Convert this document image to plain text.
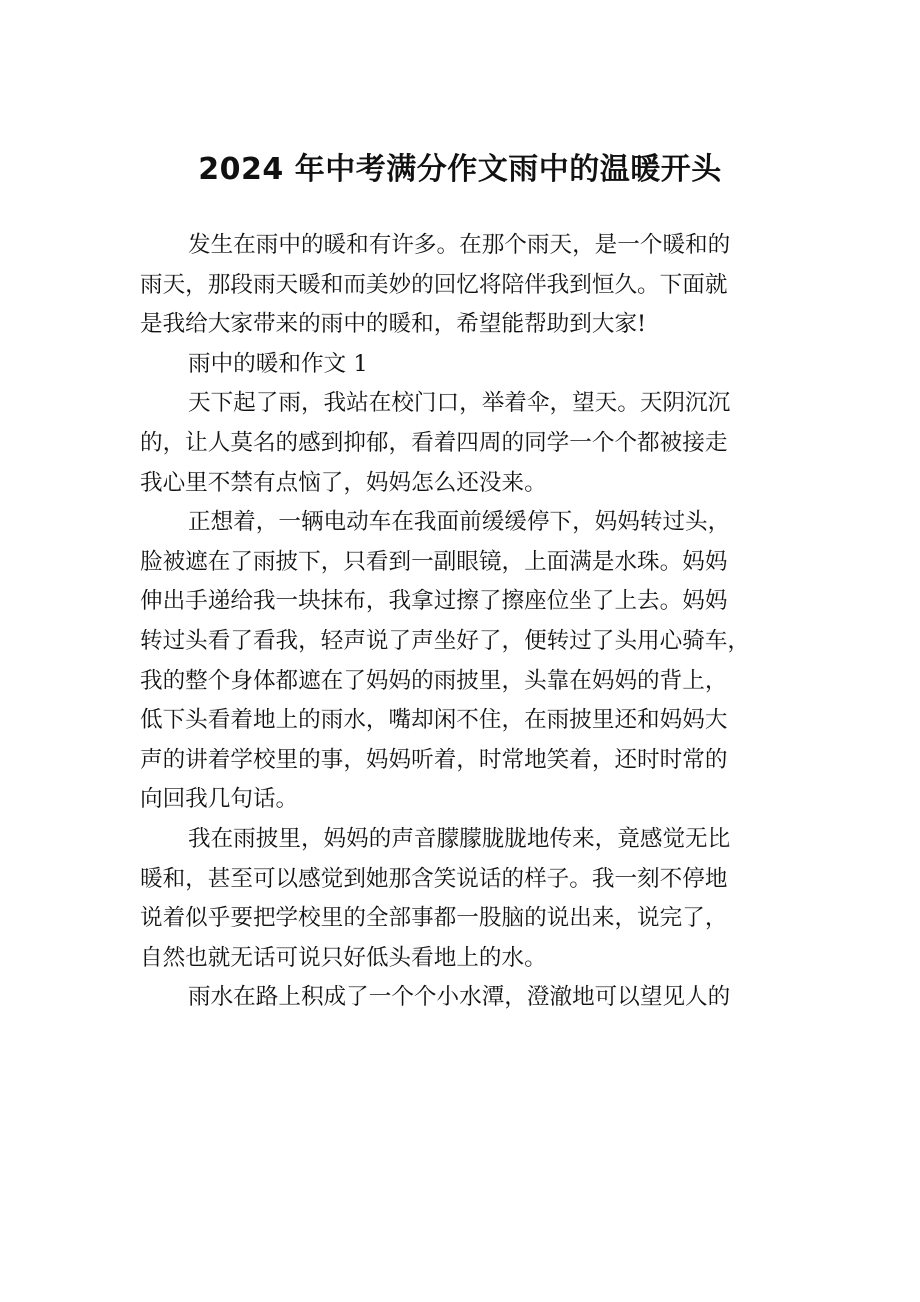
2024 年中考满分作文雨中的温暖开头
发生在雨中的暖和有许多。在那个雨天，是一个暖和的
雨天，那段雨天暖和而美妙的回忆将陪伴我到恒久。下面就
是我给大家带来的雨中的暖和，希望能帮助到大家!
雨中的暖和作文 1
天下起了雨，我站在校门口，举着伞，望天。天阴沉沉
的，让人莫名的感到抑郁，看着四周的同学一个个都被接走
我心里不禁有点恼了，妈妈怎么还没来。
正想着，一辆电动车在我面前缓缓停下，妈妈转过头，
脸被遮在了雨披下，只看到一副眼镜，上面满是水珠。妈妈
伸出手递给我一块抹布，我拿过擦了擦座位坐了上去。妈妈
转过头看了看我，轻声说了声坐好了，便转过了头用心骑车，
我的整个身体都遮在了妈妈的雨披里，头靠在妈妈的背上，
低下头看着地上的雨水，嘴却闲不住，在雨披里还和妈妈大
声的讲着学校里的事，妈妈听着，时常地笑着，还时时常的
向回我几句话。
我在雨披里，妈妈的声音朦朦胧胧地传来，竟感觉无比
暖和，甚至可以感觉到她那含笑说话的样子。我一刻不停地
说着似乎要把学校里的全部事都一股脑的说出来，说完了，
自然也就无话可说只好低头看地上的水。
雨水在路上积成了一个个小水潭，澄澈地可以望见人的
